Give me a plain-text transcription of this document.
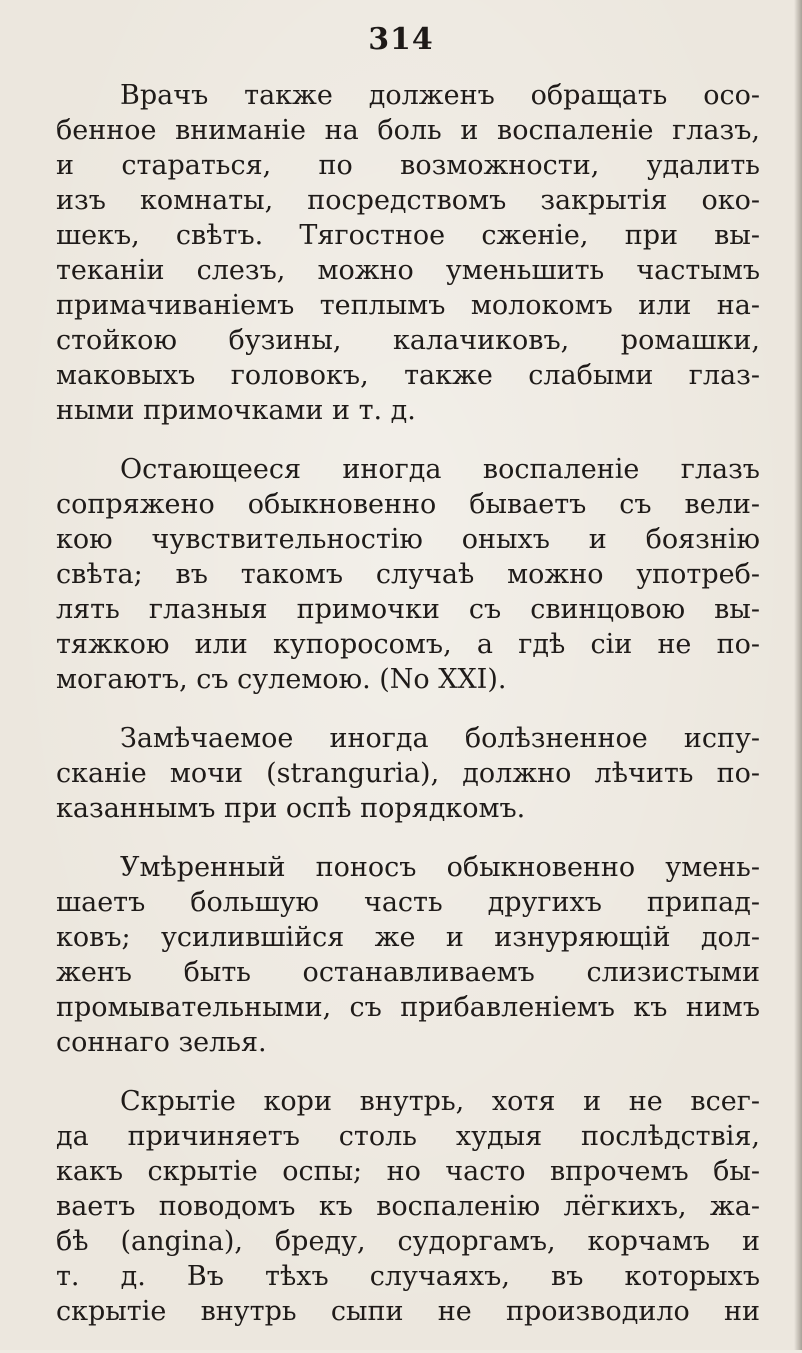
314
Врачъ также долженъ обращать осо-
бенное вниманіе на боль и воспаленіе глазъ,
и стараться, по возможности, удалить
изъ комнаты, посредствомъ закрытія око-
шекъ, свѣтъ. Тягостное сженіе, при вы-
теканіи слезъ, можно уменьшить частымъ
примачиваніемъ теплымъ молокомъ или на-
стойкою бузины, калачиковъ, ромашки,
маковыхъ головокъ, также слабыми глаз-
ными примочками и т. д.
Остающееся иногда воспаленіе глазъ
сопряжено обыкновенно бываетъ съ вели-
кою чувствительностію оныхъ и боязнію
свѣта; въ такомъ случаѣ можно употреб-
лять глазныя примочки съ свинцовою вы-
тяжкою или купоросомъ, а гдѣ сіи не по-
могаютъ, съ сулемою. (No XXI).
Замѣчаемое иногда болѣзненное испу-
сканіе мочи (stranguria), должно лѣчить по-
казаннымъ при оспѣ порядкомъ.
Умѣренный поносъ обыкновенно умень-
шаетъ большую часть другихъ припад-
ковъ; усилившійся же и изнуряющій дол-
женъ быть останавливаемъ слизистыми
промывательными, съ прибавленіемъ къ нимъ
соннаго зелья.
Скрытіе кори внутрь, хотя и не всег-
да причиняетъ столь худыя послѣдствія,
какъ скрытіе оспы; но часто впрочемъ бы-
ваетъ поводомъ къ воспаленію лёгкихъ, жа-
бѣ (angina), бреду, судоргамъ, корчамъ и
т. д. Въ тѣхъ случаяхъ, въ которыхъ
скрытіе внутрь сыпи не производило ни
